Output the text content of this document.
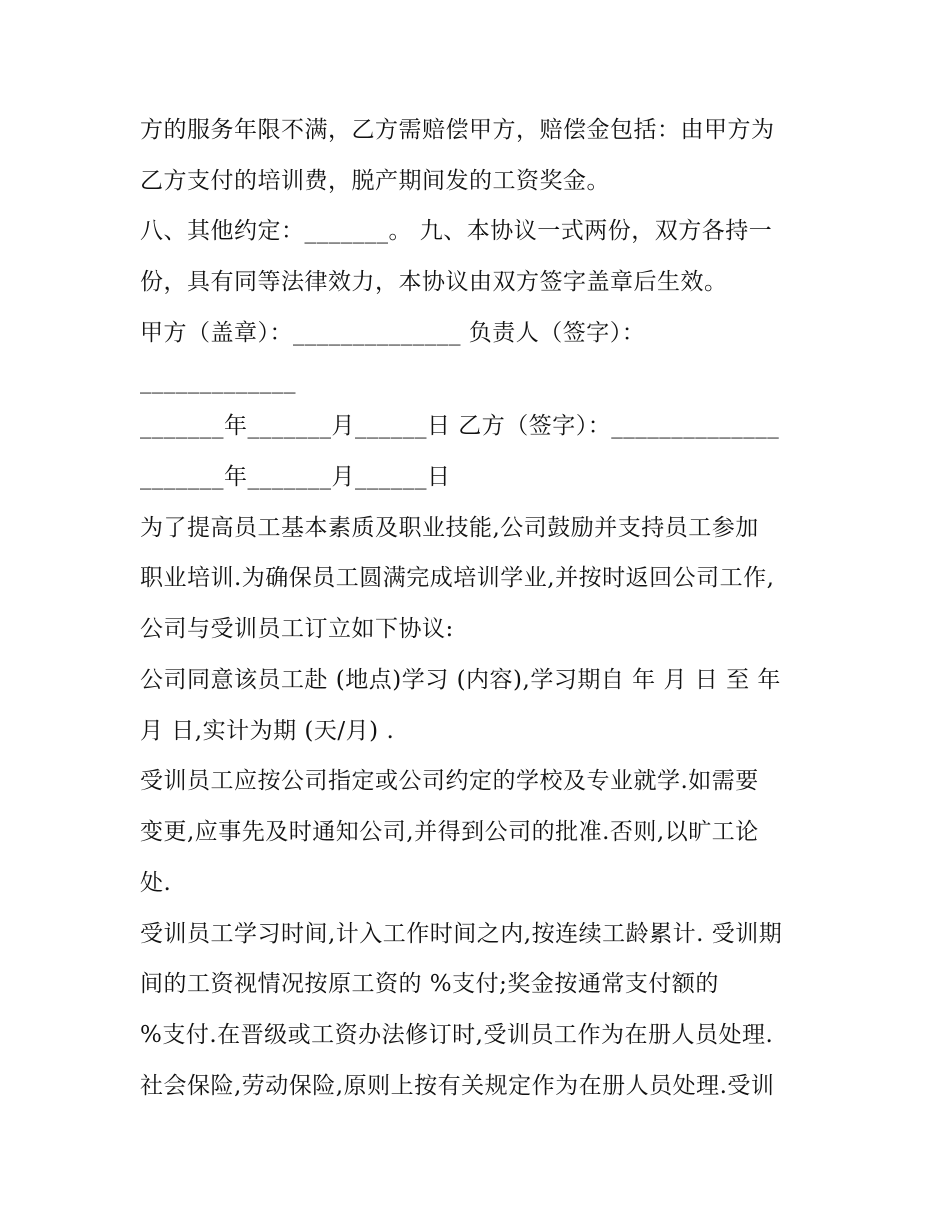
方的服务年限不满，乙方需赔偿甲方，赔偿金包括：由甲方为
乙方支付的培训费，脱产期间发的工资奖金。
八、其他约定：_______。 九、本协议一式两份，双方各持一
份，具有同等法律效力，本协议由双方签字盖章后生效。
甲方（盖章）：______________ 负责人（签字）：
_____________
_______年_______月______日 乙方（签字）：______________
_______年_______月______日
为了提高员工基本素质及职业技能,公司鼓励并支持员工参加
职业培训.为确保员工圆满完成培训学业,并按时返回公司工作,
公司与受训员工订立如下协议:
公司同意该员工赴 (地点)学习 (内容),学习期自 年 月 日 至 年
月 日,实计为期 (天/月) .
受训员工应按公司指定或公司约定的学校及专业就学.如需要
变更,应事先及时通知公司,并得到公司的批准.否则,以旷工论
处.
受训员工学习时间,计入工作时间之内,按连续工龄累计. 受训期
间的工资视情况按原工资的 %支付;奖金按通常支付额的
%支付.在晋级或工资办法修订时,受训员工作为在册人员处理.
社会保险,劳动保险,原则上按有关规定作为在册人员处理.受训
